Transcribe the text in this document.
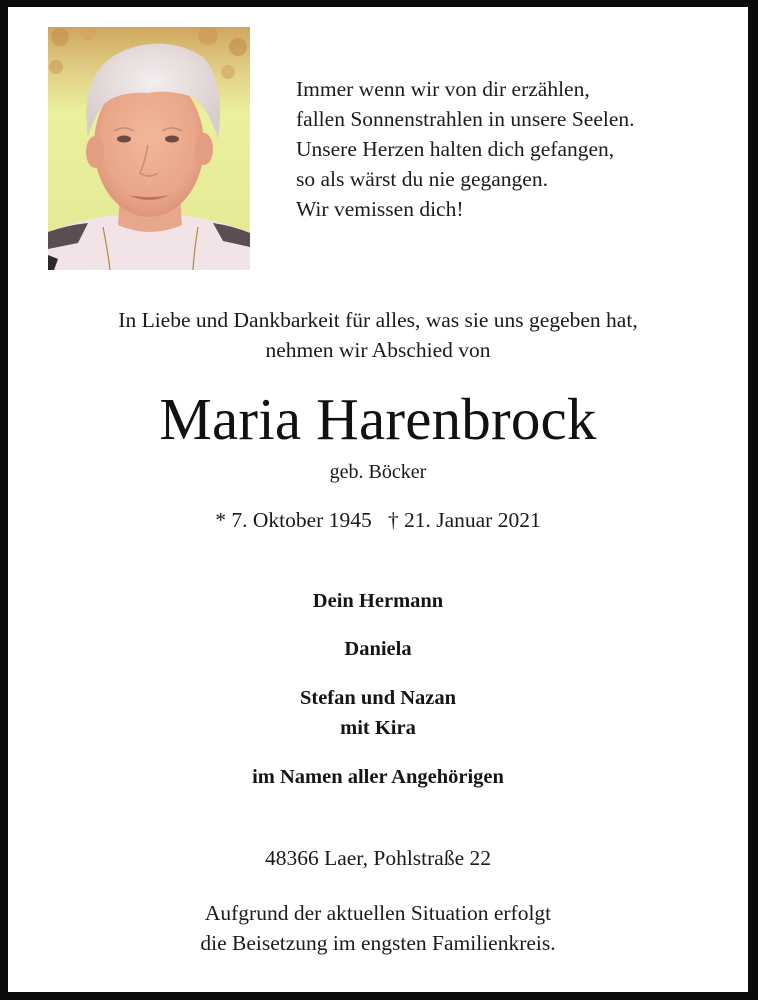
Immer wenn wir von dir erzählen,
fallen Sonnenstrahlen in unsere Seelen.
Unsere Herzen halten dich gefangen,
so als wärst du nie gegangen.
Wir vemissen dich!
In Liebe und Dankbarkeit für alles, was sie uns gegeben hat,
nehmen wir Abschied von
Maria Harenbrock
geb. Böcker
* 7. Oktober 1945   † 21. Januar 2021
Dein Hermann
Daniela
Stefan und Nazan
mit Kira
im Namen aller Angehörigen
48366 Laer, Pohlstraße 22
Aufgrund der aktuellen Situation erfolgt
die Beisetzung im engsten Familienkreis.
